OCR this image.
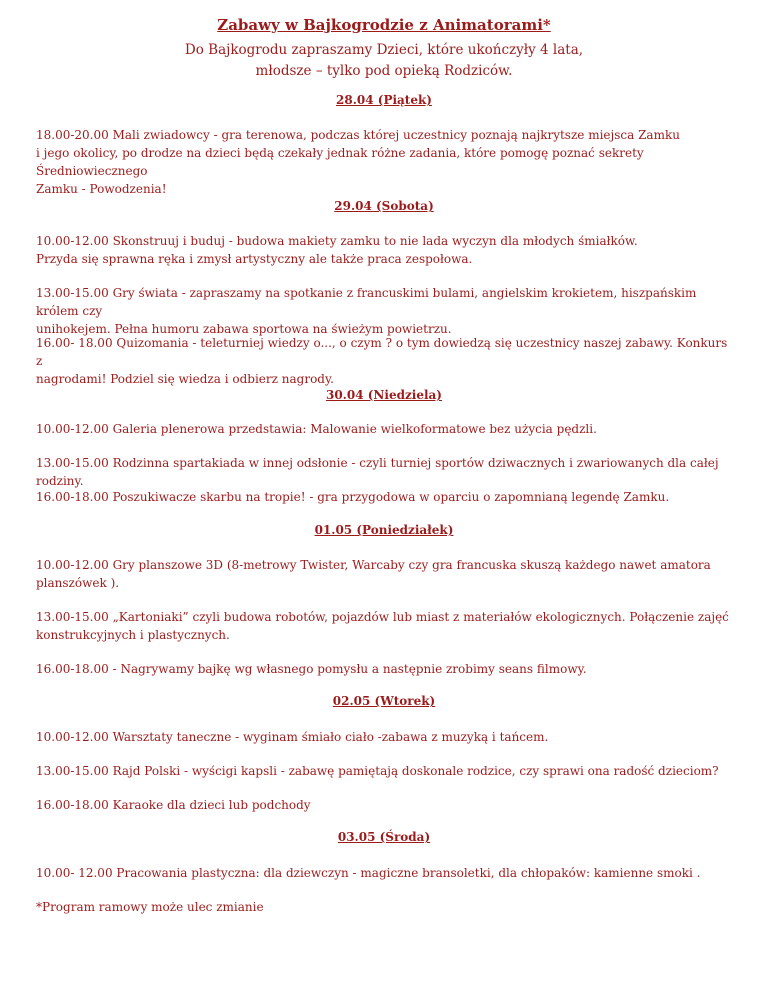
Zabawy w Bajkogrodzie z Animatorami*
Do Bajkogrodu zapraszamy Dzieci, które ukończyły 4 lata,
młodsze – tylko pod opieką Rodziców.
28.04 (Piątek)
18.00-20.00 Mali zwiadowcy - gra terenowa, podczas której uczestnicy poznają najkrytsze miejsca Zamku
i jego okolicy, po drodze na dzieci będą czekały jednak różne zadania, które pomogę poznać sekrety Średniowiecznego
Zamku - Powodzenia!
29.04 (Sobota)
10.00-12.00 Skonstruuj i buduj - budowa makiety zamku to nie lada wyczyn dla młodych śmiałków.
Przyda się sprawna ręka i zmysł artystyczny ale także praca zespołowa.
13.00-15.00 Gry świata - zapraszamy na spotkanie z francuskimi bulami, angielskim krokietem, hiszpańskim królem czy
unihokejem. Pełna humoru zabawa sportowa na świeżym powietrzu.
16.00- 18.00 Quizomania - teleturniej wiedzy o..., o czym ? o tym dowiedzą się uczestnicy naszej zabawy. Konkurs z
nagrodami! Podziel się wiedza i odbierz nagrody.
30.04 (Niedziela)
10.00-12.00 Galeria plenerowa przedstawia: Malowanie wielkoformatowe bez użycia pędzli.
13.00-15.00 Rodzinna spartakiada w innej odsłonie - czyli turniej sportów dziwacznych i zwariowanych dla całej rodziny.
16.00-18.00 Poszukiwacze skarbu na tropie! - gra przygodowa w oparciu o zapomnianą legendę Zamku.
01.05 (Poniedziałek)
10.00-12.00 Gry planszowe 3D (8-metrowy Twister, Warcaby czy gra francuska skuszą każdego nawet amatora
planszówek ).
13.00-15.00 „Kartoniaki” czyli budowa robotów, pojazdów lub miast z materiałów ekologicznych. Połączenie zajęć
konstrukcyjnych i plastycznych.
16.00-18.00 - Nagrywamy bajkę wg własnego pomysłu a następnie zrobimy seans filmowy.
02.05 (Wtorek)
10.00-12.00 Warsztaty taneczne - wyginam śmiało ciało -zabawa z muzyką i tańcem.
13.00-15.00 Rajd Polski - wyścigi kapsli - zabawę pamiętają doskonale rodzice, czy sprawi ona radość dzieciom?
16.00-18.00 Karaoke dla dzieci lub podchody
03.05 (Środa)
10.00- 12.00 Pracowania plastyczna: dla dziewczyn - magiczne bransoletki, dla chłopaków: kamienne smoki .
*Program ramowy może ulec zmianie
